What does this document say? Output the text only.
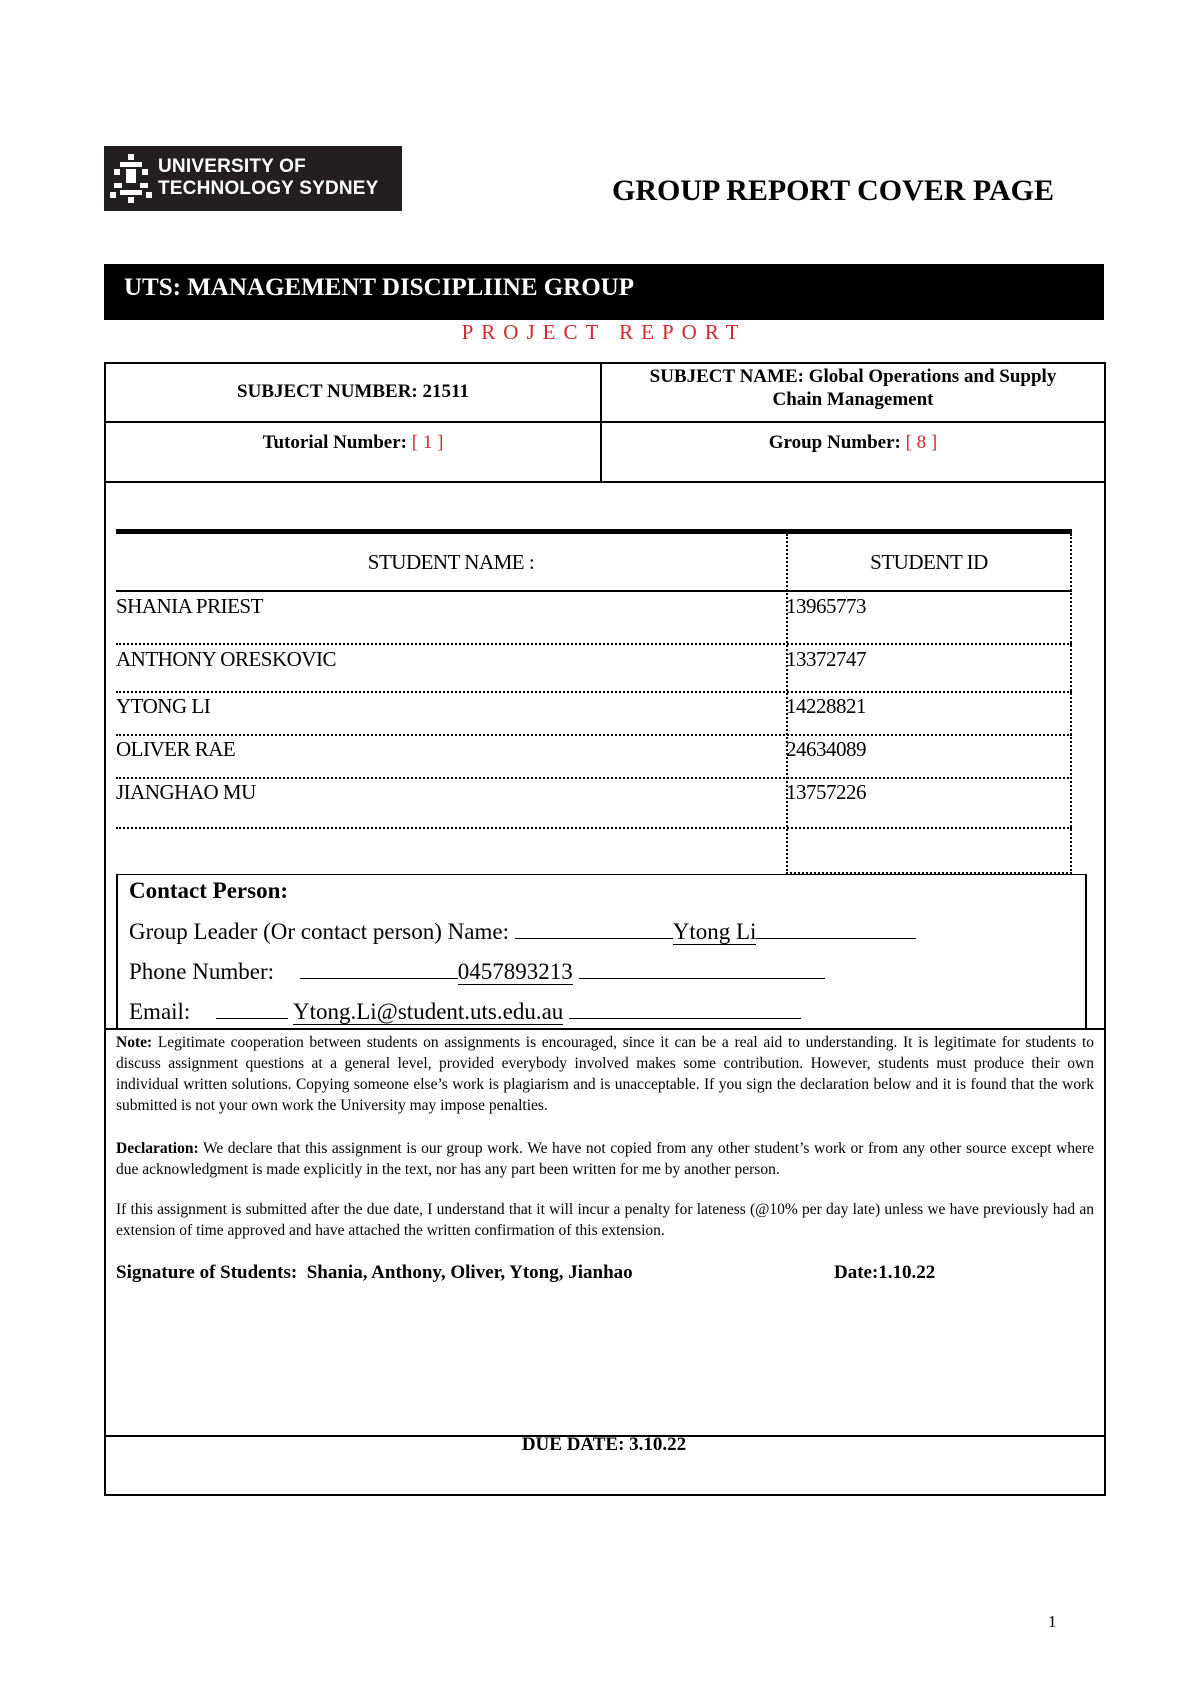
UNIVERSITY OF
TECHNOLOGY SYDNEY	GROUP REPORT COVER PAGE
UTS: MANAGEMENT DISCIPLIINE GROUP
PROJECT REPORT
SUBJECT NUMBER: 21511
SUBJECT NAME: Global Operations and Supply
Chain Management
Tutorial Number: [ 1 ]	Group Number: [ 8 ]
STUDENT NAME :	STUDENT ID
SHANIA PRIEST	13965773
ANTHONY ORESKOVIC	13372747
YTONG LI	14228821
OLIVER RAE	24634089
JIANGHAO MU	13757226
Contact Person:
Group Leader (Or contact person) Name:	Ytong Li
Phone Number:	0457893213
Email:	Ytong.Li@student.uts.edu.au
Note: Legitimate cooperation between students on assignments is encouraged, since it can be a real aid to understanding. It is legitimate for students to discuss assignment questions at a general level, provided everybody involved makes some contribution. However, students must produce their own individual written solutions. Copying someone else’s work is plagiarism and is unacceptable. If you sign the declaration below and it is found that the work submitted is not your own work the University may impose penalties.
Declaration: We declare that this assignment is our group work. We have not copied from any other student’s work or from any other source except where due acknowledgment is made explicitly in the text, nor has any part been written for me by another person.
If this assignment is submitted after the due date, I understand that it will incur a penalty for lateness (@10% per day late) unless we have previously had an extension of time approved and have attached the written confirmation of this extension.
Signature of Students: Shania, Anthony, Oliver, Ytong, Jianhao	Date:1.10.22
DUE DATE: 3.10.22
1
